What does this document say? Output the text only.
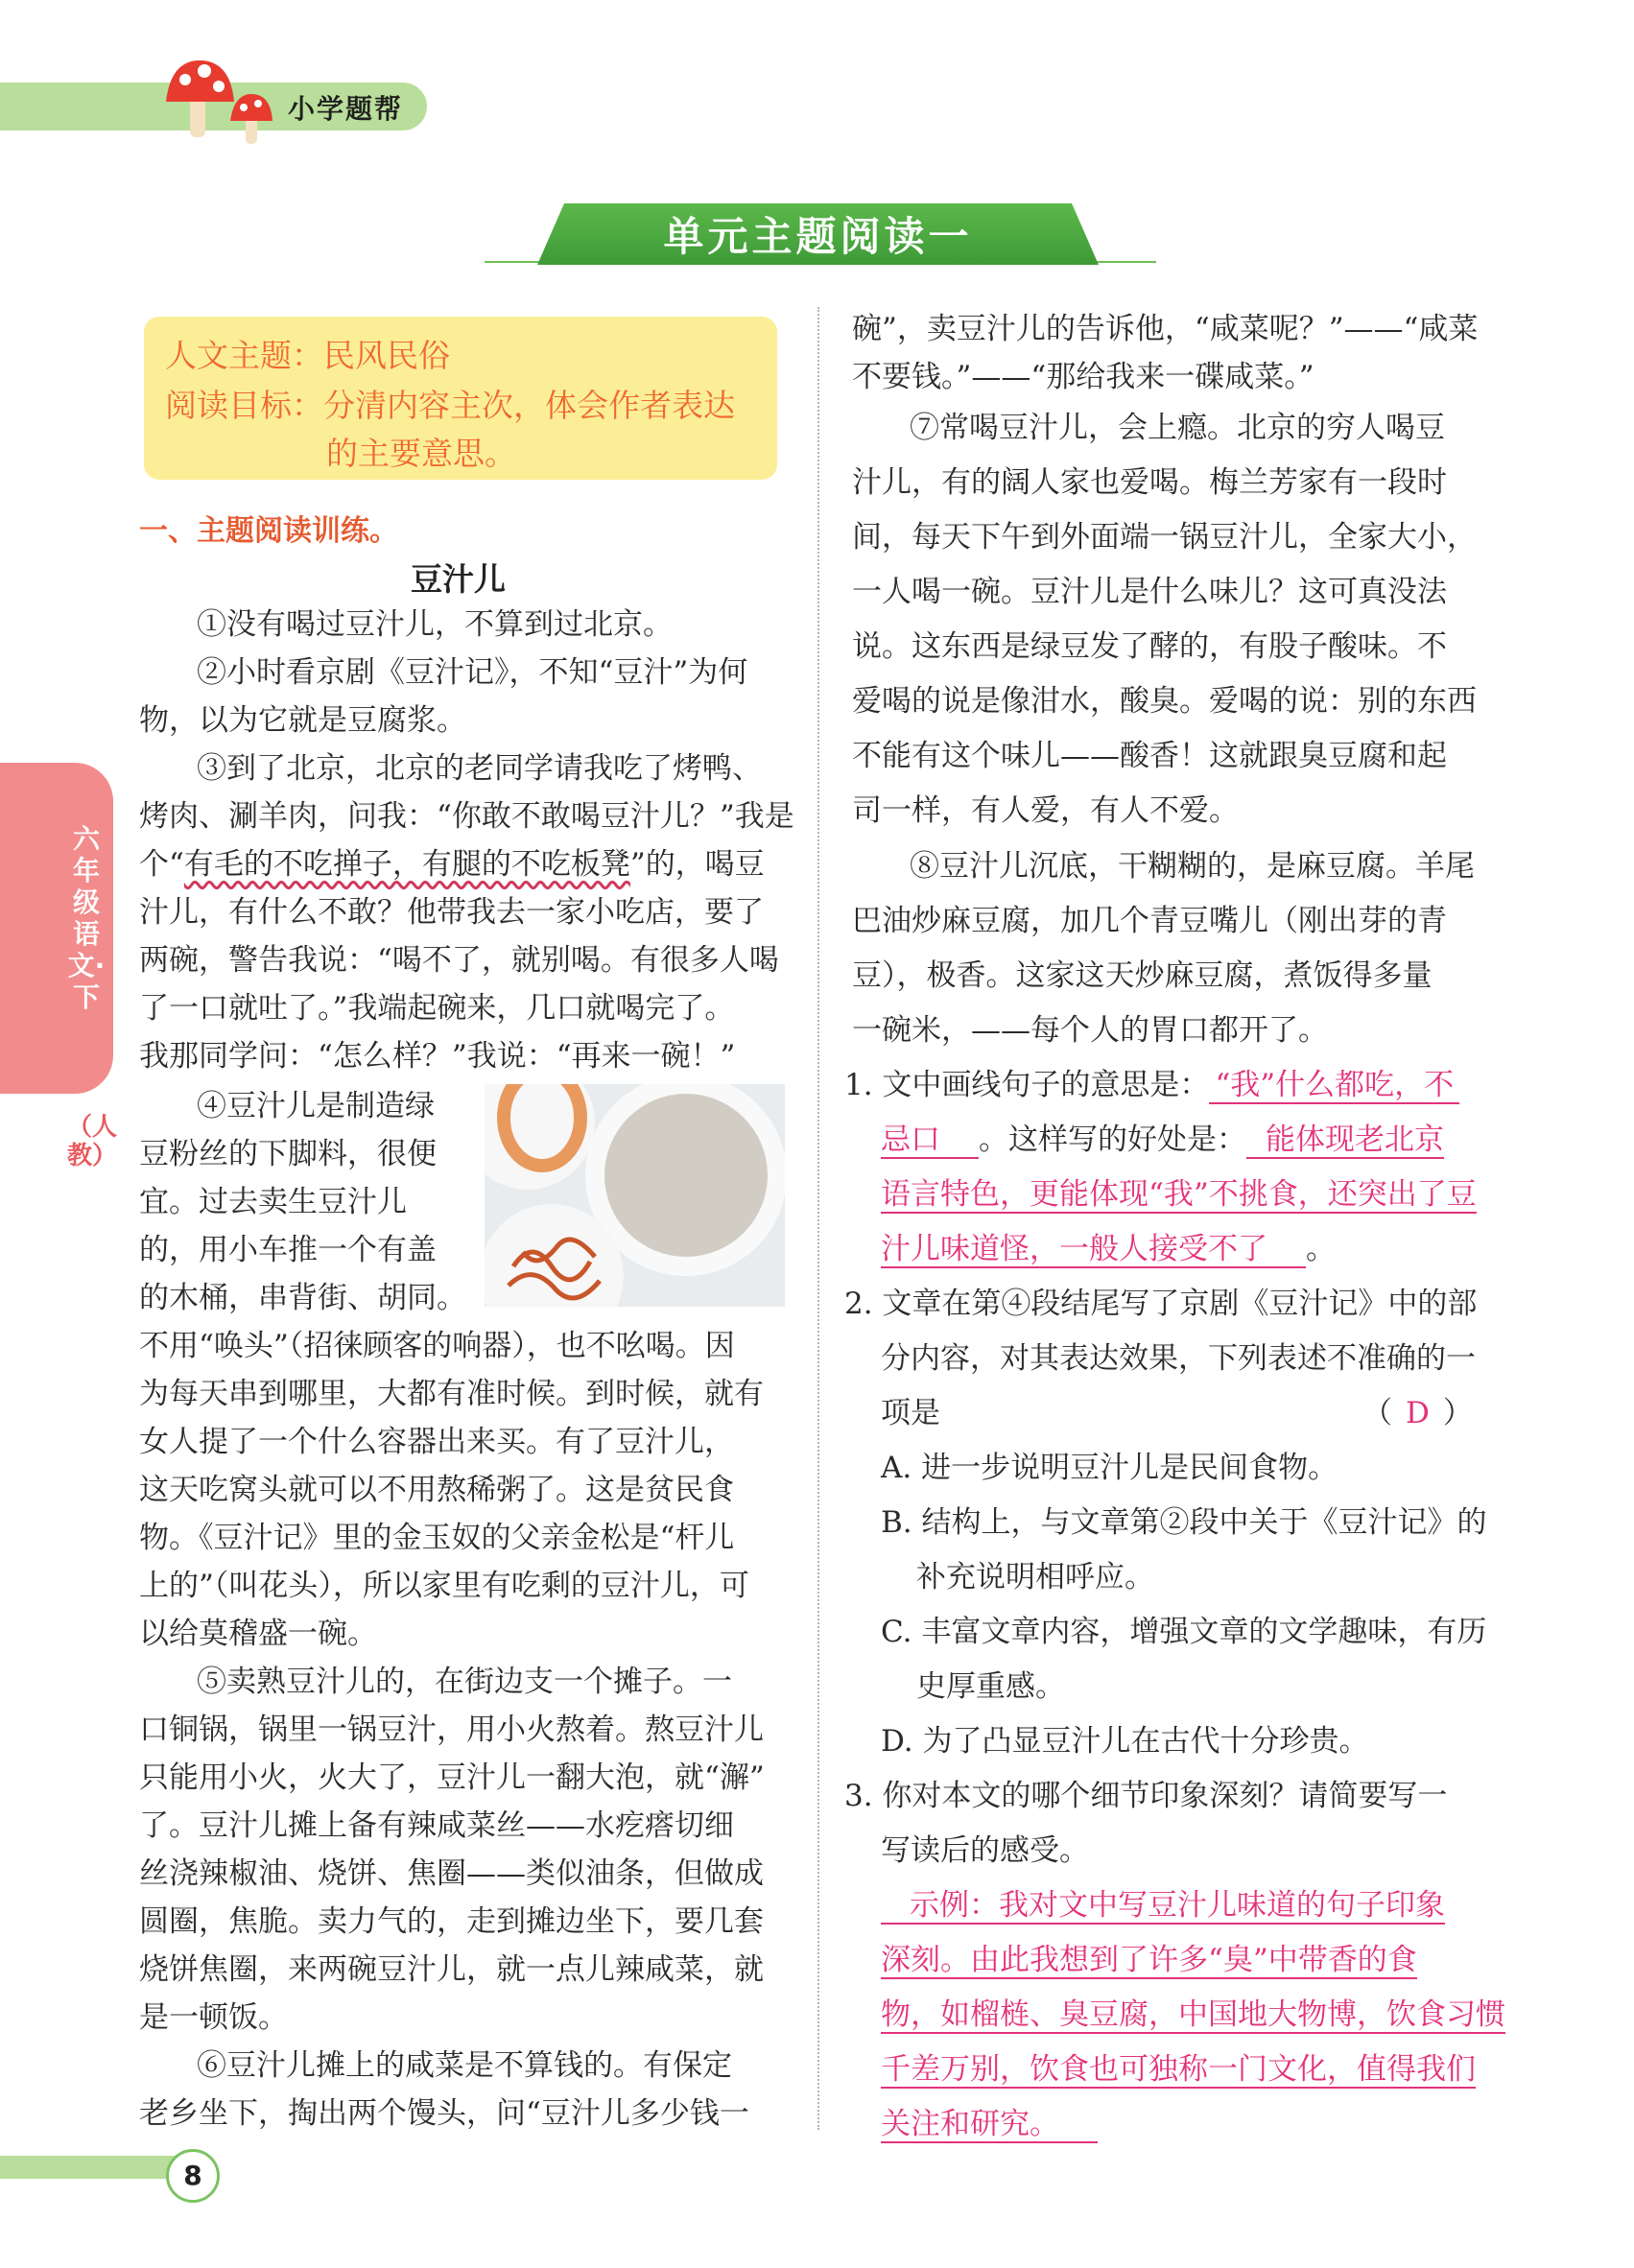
小学题帮
单元主题阅读一
六年级语文·下
（人教）
人文主题：民风民俗
阅读目标：分清内容主次，体会作者表达
的主要意思。
一、主题阅读训练。
豆汁儿
①没有喝过豆汁儿，不算到过北京。
②小时看京剧《豆汁记》，不知“豆汁”为何
物，以为它就是豆腐浆。
③到了北京，北京的老同学请我吃了烤鸭、
烤肉、涮羊肉，问我：“你敢不敢喝豆汁儿？”我是
个“有毛的不吃掸子，有腿的不吃板凳”的，喝豆
汁儿，有什么不敢？他带我去一家小吃店，要了
两碗，警告我说：“喝不了，就别喝。有很多人喝
了一口就吐了。”我端起碗来，几口就喝完了。
我那同学问：“怎么样？”我说：“再来一碗！”
④豆汁儿是制造绿
豆粉丝的下脚料，很便
宜。过去卖生豆汁儿
的，用小车推一个有盖
的木桶，串背街、胡同。
不用“唤头”（招徕顾客的响器），也不吆喝。因
为每天串到哪里，大都有准时候。到时候，就有
女人提了一个什么容器出来买。有了豆汁儿，
这天吃窝头就可以不用熬稀粥了。这是贫民食
物。《豆汁记》里的金玉奴的父亲金松是“杆儿
上的”（叫花头），所以家里有吃剩的豆汁儿，可
以给莫稽盛一碗。
⑤卖熟豆汁儿的，在街边支一个摊子。一
口铜锅，锅里一锅豆汁，用小火熬着。熬豆汁儿
只能用小火，火大了，豆汁儿一翻大泡，就“澥”
了。豆汁儿摊上备有辣咸菜丝——水疙瘩切细
丝浇辣椒油、烧饼、焦圈——类似油条，但做成
圆圈，焦脆。卖力气的，走到摊边坐下，要几套
烧饼焦圈，来两碗豆汁儿，就一点儿辣咸菜，就
是一顿饭。
⑥豆汁儿摊上的咸菜是不算钱的。有保定
老乡坐下，掏出两个馒头，问“豆汁儿多少钱一
碗”，卖豆汁儿的告诉他，“咸菜呢？”——“咸菜
不要钱。”——“那给我来一碟咸菜。”
⑦常喝豆汁儿，会上瘾。北京的穷人喝豆
汁儿，有的阔人家也爱喝。梅兰芳家有一段时
间，每天下午到外面端一锅豆汁儿，全家大小，
一人喝一碗。豆汁儿是什么味儿？这可真没法
说。这东西是绿豆发了酵的，有股子酸味。不
爱喝的说是像泔水，酸臭。爱喝的说：别的东西
不能有这个味儿——酸香！这就跟臭豆腐和起
司一样，有人爱，有人不爱。
⑧豆汁儿沉底，干糊糊的，是麻豆腐。羊尾
巴油炒麻豆腐，加几个青豆嘴儿（刚出芽的青
豆），极香。这家这天炒麻豆腐，煮饭得多量
一碗米，——每个人的胃口都开了。
1. 文中画线句子的意思是： “我”什么都吃，不
忌口 。这样写的好处是： 能体现老北京
语言特色，更能体现“我”不挑食，还突出了豆
汁儿味道怪，一般人接受不了 。
2. 文章在第④段结尾写了京剧《豆汁记》中的部
分内容，对其表达效果，下列表述不准确的一
项是	（ D ）
A. 进一步说明豆汁儿是民间食物。
B. 结构上，与文章第②段中关于《豆汁记》的
补充说明相呼应。
C. 丰富文章内容，增强文章的文学趣味，有历
史厚重感。
D. 为了凸显豆汁儿在古代十分珍贵。
3. 你对本文的哪个细节印象深刻？请简要写一
写读后的感受。
示例：我对文中写豆汁儿味道的句子印象
深刻。由此我想到了许多“臭”中带香的食
物，如榴梿、臭豆腐，中国地大物博，饮食习惯
千差万别，饮食也可独称一门文化，值得我们
关注和研究。
8
